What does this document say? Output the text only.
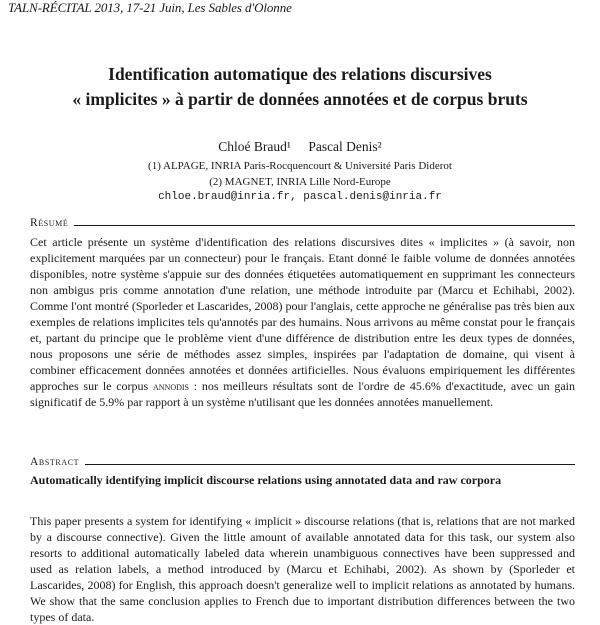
TALN-RÉCITAL 2013, 17-21 Juin, Les Sables d'Olonne
Identification automatique des relations discursives
« implicites » à partir de données annotées et de corpus bruts
Chloé Braud¹ Pascal Denis²
(1) ALPAGE, INRIA Paris-Rocquencourt & Université Paris Diderot
(2) MAGNET, INRIA Lille Nord-Europe
chloe.braud@inria.fr, pascal.denis@inria.fr
Résumé
Cet article présente un système d'identification des relations discursives dites « implicites » (à savoir, non explicitement marquées par un connecteur) pour le français. Etant donné le faible volume de données annotées disponibles, notre système s'appuie sur des données étiquetées automatiquement en supprimant les connecteurs non ambigus pris comme annotation d'une relation, une méthode introduite par (Marcu et Echihabi, 2002). Comme l'ont montré (Sporleder et Lascarides, 2008) pour l'anglais, cette approche ne généralise pas très bien aux exemples de relations implicites tels qu'annotés par des humains. Nous arrivons au même constat pour le français et, partant du principe que le problème vient d'une différence de distribution entre les deux types de données, nous proposons une série de méthodes assez simples, inspirées par l'adaptation de domaine, qui visent à combiner efficacement données annotées et données artificielles. Nous évaluons empiriquement les différentes approches sur le corpus annodis : nos meilleurs résultats sont de l'ordre de 45.6% d'exactitude, avec un gain significatif de 5.9% par rapport à un système n'utilisant que les données annotées manuellement.
Abstract
Automatically identifying implicit discourse relations using annotated data and raw corpora
This paper presents a system for identifying « implicit » discourse relations (that is, relations that are not marked by a discourse connective). Given the little amount of available annotated data for this task, our system also resorts to additional automatically labeled data wherein unambiguous connectives have been suppressed and used as relation labels, a method introduced by (Marcu et Echihabi, 2002). As shown by (Sporleder et Lascarides, 2008) for English, this approach doesn't generalize well to implicit relations as annotated by humans. We show that the same conclusion applies to French due to important distribution differences between the two types of data.
